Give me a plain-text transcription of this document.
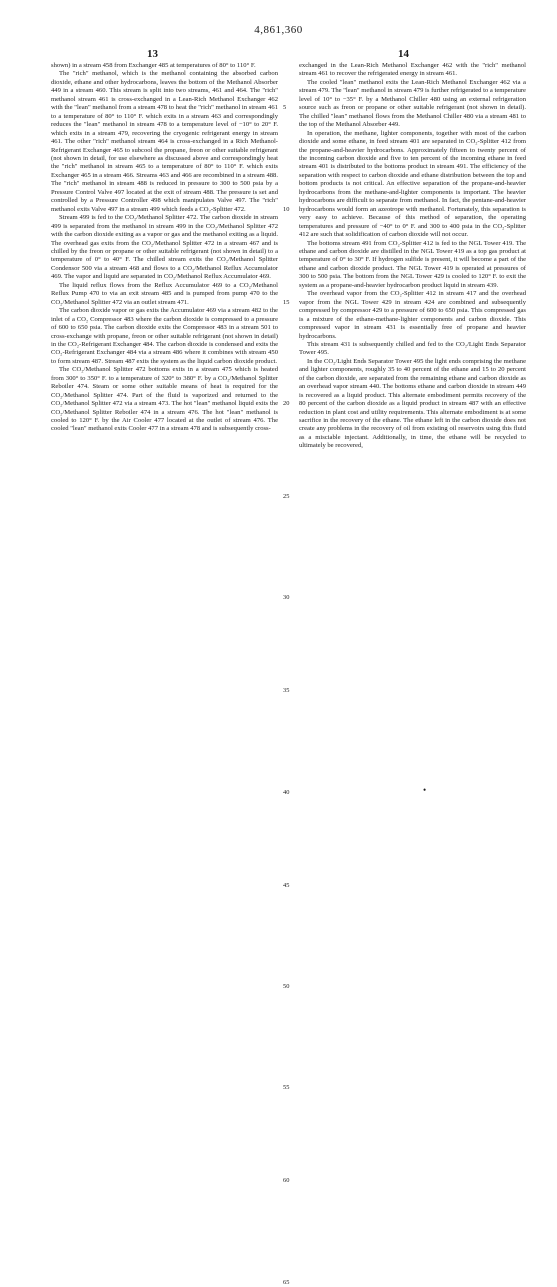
4,861,360
13	14

shown) in a stream 458 from Exchanger 485 at temperatures of 80° to 110° F.

The "rich" methanol, which is the methanol containing the absorbed carbon dioxide, ethane and other hydrocarbons, leaves the bottom of the Methanol Absorber 449 in a stream 460. This stream is split into two streams, 461 and 464. The "rich" methanol stream 461 is cross-exchanged in a Lean-Rich Methanol Exchanger 462 with the "lean" methanol from a stream 478 to heat the "rich" methanol in stream 461 to a temperature of 80° to 110° F. which exits in a stream 463 and correspondingly reduces the "lean" methanol in stream 478 to a temperature level of −10° to 20° F. which exits in a stream 479, recovering the cryogenic refrigerant energy in stream 461. The other "rich" methanol stream 464 is cross-exchanged in a Rich Methanol-Refrigerant Exchanger 465 to subcool the propane, freon or other suitable refrigerant (not shown in detail, for use elsewhere as discussed above and correspondingly heat the "rich" methanol in stream 465 to a temperature of 80° to 110° F. which exits Exchanger 465 in a stream 466. Streams 463 and 466 are recombined in a stream 488. The "rich" methanol in stream 488 is reduced in pressure to 300 to 500 psia by a Pressure Control Valve 497 located at the exit of stream 488. The pressure is set and controlled by a Pressure Controller 498 which manipulates Valve 497. The "rich" methanol exits Valve 497 in a stream 499 which feeds a CO₂-Splitter 472.

Stream 499 is fed to the CO₂/Methanol Splitter 472. The carbon dioxide in stream 499 is separated from the methanol in stream 499 in the CO₂/Methanol Splitter 472 with the carbon dioxide exiting as a vapor or gas and the methanol exiting as a liquid. The overhead gas exits from the CO₂/Methanol Splitter 472 in a stream 467 and is chilled by the freon or propane or other suitable refrigerant (not shown in detail) to a temperature of 0° to 40° F. The chilled stream exits the CO₂/Methanol Splitter Condensor 500 via a stream 468 and flows to a CO₂/Methanol Reflux Accumulator 469. The vapor and liquid are separated in CO₂/Methanol Reflux Accumulator 469.

The liquid reflux flows from the Reflux Accumulator 469 to a CO₂/Methanol Reflux Pump 470 to via an exit stream 485 and is pumped from pump 470 to the CO₂/Methanol Splitter 472 via an outlet stream 471.

The carbon dioxide vapor or gas exits the Accumulator 469 via a stream 482 to the inlet of a CO₂ Compressor 483 where the carbon dioxide is compressed to a pressure of 600 to 650 psia. The carbon dioxide exits the Compressor 483 in a stream 501 to cross-exchange with propane, freon or other suitable refrigerant (not shown in detail) in the CO₂-Refrigerant Exchanger 484. The carbon dioxide is condensed and exits the CO₂-Refrigerant Exchanger 484 via a stream 486 where it combines with stream 450 to form stream 487. Stream 487 exits the system as the liquid carbon dioxide product.

The CO₂/Methanol Splitter 472 bottoms exits in a stream 475 which is heated from 300° to 350° F. to a temperature of 320° to 380° F. by a CO₂/Methanol Splitter Reboiler 474. Steam or some other suitable means of heat is required for the CO₂/Methanol Splitter 474. Part of the fluid is vaporized and returned to the CO₂/Methanol Splitter 472 via a stream 473. The hot "lean" methanol liquid exits the CO₂/Methanol Splitter Reboiler 474 in a stream 476. The hot "lean" methanol is cooled to 120° F. by the Air Cooler 477 located at the outlet of stream 476. The cooled "lean" methanol exits Cooler 477 in a stream 478 and is subsequently cross-

5
10
15
20
25
30
35
40
45
50
55
60
65

exchanged in the Lean-Rich Methanol Exchanger 462 with the "rich" methanol stream 461 to recover the refrigerated energy in stream 461.

The cooled "lean" methanol exits the Lean-Rich Methanol Exchanger 462 via a stream 479. The "lean" methanol in stream 479 is further refrigerated to a temperature level of 10° to −35° F. by a Methanol Chiller 480 using an external refrigeration source such as freon or propane or other suitable refrigerant (not shown in detail). The chilled "lean" methanol flows from the Methanol Chiller 480 via a stream 481 to the top of the Methanol Absorber 449.

In operation, the methane, lighter components, together with most of the carbon dioxide and some ethane, in feed stream 401 are separated in CO₂-Splitter 412 from the propane-and-heavier hydrocarbons. Approximately fifteen to twenty percent of the incoming carbon dioxide and five to ten percent of the incoming ethane in feed stream 401 is distributed to the bottoms product in stream 491. The efficiency of the separation with respect to carbon dioxide and ethane distribution between the top and bottom products is not critical. An effective separation of the propane-and-heavier hydrocarbons from the methane-and-lighter components is important. The heavier hydrocarbons are difficult to separate from methanol. In fact, the pentane-and-heavier hydrocarbons would form an azeotrope with methanol. Fortunately, this separation is very easy to achieve. Because of this method of separation, the operating temperatures and pressure of −40° to 0° F. and 300 to 400 psia in the CO₂-Splitter 412 are such that solidification of carbon dioxide will not occur.

The bottoms stream 491 from CO₂-Splitter 412 is fed to the NGL Tower 419. The ethane and carbon dioxide are distilled in the NGL Tower 419 as a top gas product at temperature of 0° to 30° F. If hydrogen sulfide is present, it will become a part of the ethane and carbon dioxide product. The NGL Tower 419 is operated at pressures of 300 to 500 psia. The bottom from the NGL Tower 429 is cooled to 120° F. to exit the system as a propane-and-heavier hydrocarbon product liquid in stream 439.

The overhead vapor from the CO₂-Splitter 412 in stream 417 and the overhead vapor from the NGL Tower 429 in stream 424 are combined and subsequently compressed by compressor 429 to a pressure of 600 to 650 psia. This compressed gas is a mixture of the ethane-methane-lighter components and carbon dioxide. This compressed vapor in stream 431 is essentially free of propane and heavier hydrocarbons.

This stream 431 is subsequently chilled and fed to the CO₂/Light Ends Separator Tower 495.

In the CO₂/Light Ends Separator Tower 495 the light ends comprising the methane and lighter components, roughly 35 to 40 percent of the ethane and 15 to 20 percent of the carbon dioxide, are separated from the remaining ethane and carbon dioxide as an overhead vapor stream 440. The bottoms ethane and carbon dioxide in stream 449 is recovered as a liquid product. This alternate embodiment permits recovery of the 80 percent of the carbon dioxide as a liquid product in stream 487 with an effective reduction in plant cost and utility requirements. This alternate embodiment is at some sacrifice in the recovery of the ethane. The ethane left in the carbon dioxide does not create any problems in the recovery of oil from existing oil reservoirs using this fluid as a misciable injectant. Additionally, in time, the ethane will be recycled to ultimately be recovered,

•
